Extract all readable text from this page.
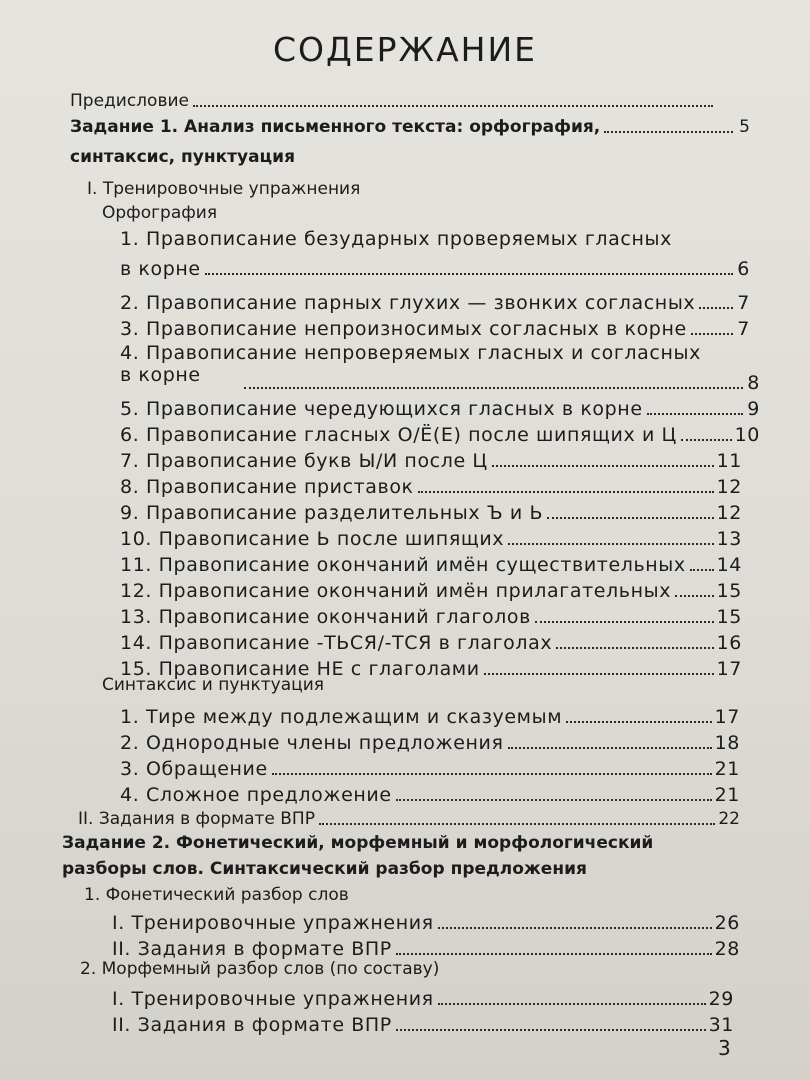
СОДЕРЖАНИЕ
Предисловие
Задание 1. Анализ письменного текста: орфография,	5
синтаксис, пунктуация
I. Тренировочные упражнения
Орфография
1. Правописание безударных проверяемых гласных
в корне	6
2. Правописание парных глухих — звонких согласных 7
3. Правописание непроизносимых согласных в корне	7
4. Правописание непроверяемых гласных и согласных
в корне	8
5. Правописание чередующихся гласных в корне	9
6. Правописание гласных О/Ё(Е) после шипящих и Ц	10
7. Правописание букв Ы/И после Ц	11
8. Правописание приставок	12
9. Правописание разделительных Ъ и Ь	12
10. Правописание Ь после шипящих	13
11. Правописание окончаний имён существительных 14
12. Правописание окончаний имён прилагательных 15
13. Правописание окончаний глаголов	15
14. Правописание -ТЬСЯ/-ТСЯ в глаголах	16
15. Правописание НЕ с глаголами	17
Синтаксис и пунктуация
1. Тире между подлежащим и сказуемым	17
2. Однородные члены предложения	18
3. Обращение	21
4. Сложное предложение	21
II. Задания в формате ВПР	22
Задание 2. Фонетический, морфемный и морфологический
разборы слов. Синтаксический разбор предложения
1. Фонетический разбор слов
I. Тренировочные упражнения	26
II. Задания в формате ВПР	28
2. Морфемный разбор слов (по составу)
I. Тренировочные упражнения	29
II. Задания в формате ВПР	31
3
